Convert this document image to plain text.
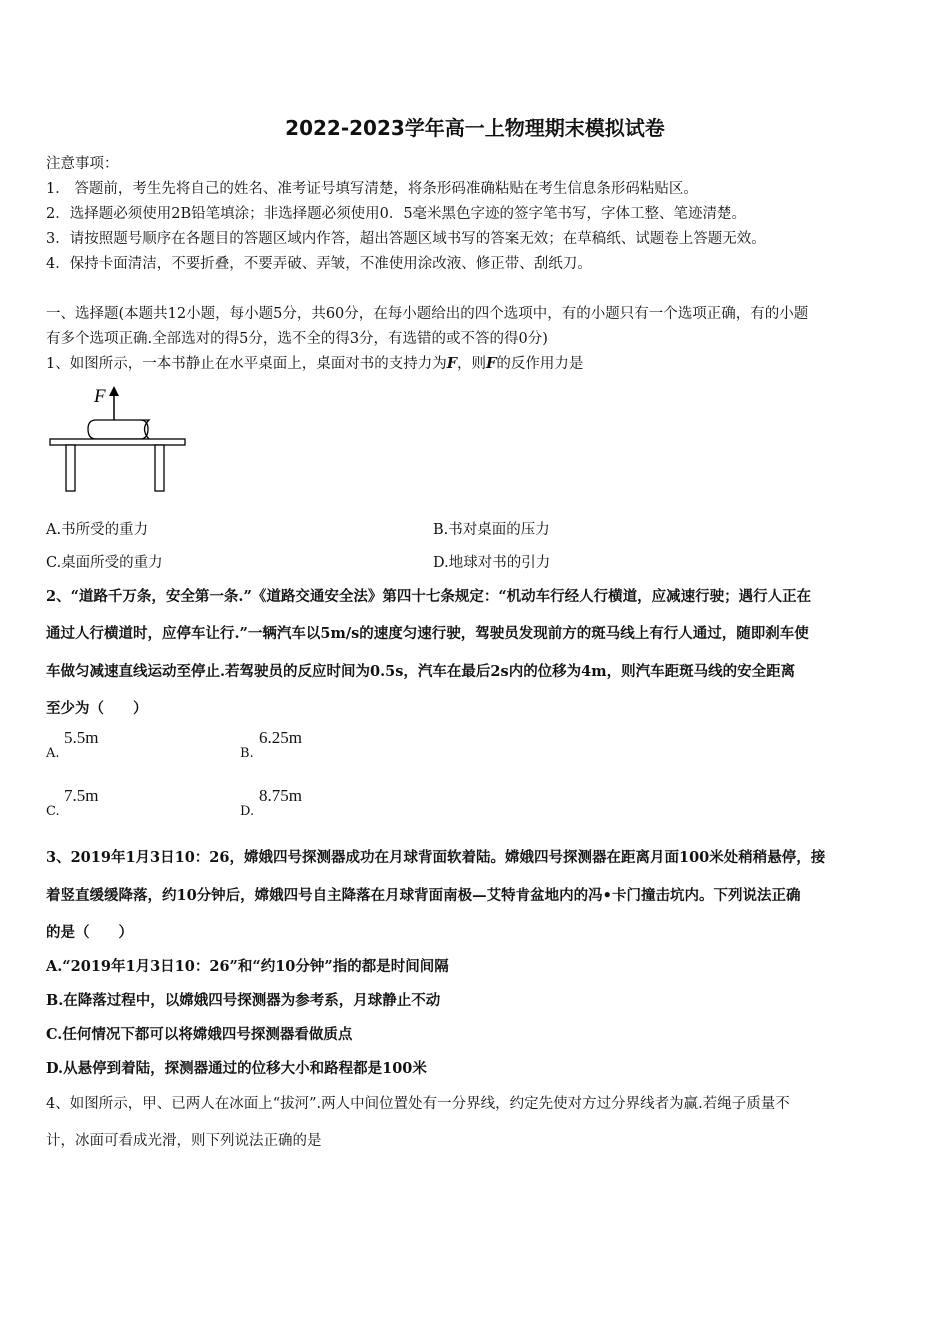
2022-2023学年高一上物理期末模拟试卷
注意事项：
1． 答题前，考生先将自己的姓名、准考证号填写清楚，将条形码准确粘贴在考生信息条形码粘贴区。
2．选择题必须使用2B铅笔填涂；非选择题必须使用0．5毫米黑色字迹的签字笔书写，字体工整、笔迹清楚。
3．请按照题号顺序在各题目的答题区域内作答，超出答题区域书写的答案无效；在草稿纸、试题卷上答题无效。
4．保持卡面清洁，不要折叠，不要弄破、弄皱，不准使用涂改液、修正带、刮纸刀。
一、选择题(本题共12小题，每小题5分，共60分，在每小题给出的四个选项中，有的小题只有一个选项正确，有的小题
有多个选项正确.全部选对的得5分，选不全的得3分，有选错的或不答的得0分)
1、如图所示，一本书静止在水平桌面上，桌面对书的支持力为F，则F的反作用力是
F
A.书所受的重力	B.书对桌面的压力
C.桌面所受的重力	D.地球对书的引力
2、“道路千万条，安全第一条.”《道路交通安全法》第四十七条规定：“机动车行经人行横道，应减速行驶；遇行人正在
通过人行横道时，应停车让行.”一辆汽车以5m/s的速度匀速行驶，驾驶员发现前方的斑马线上有行人通过，随即刹车使
车做匀减速直线运动至停止.若驾驶员的反应时间为0.5s，汽车在最后2s内的位移为4m，则汽车距斑马线的安全距离
至少为（　　）
A.
5.5m
B.
6.25m
C.
7.5m
D.
8.75m
3、2019年1月3日10：26，嫦娥四号探测器成功在月球背面软着陆。嫦娥四号探测器在距离月面100米处稍稍悬停，接
着竖直缓缓降落，约10分钟后，嫦娥四号自主降落在月球背面南极—艾特肯盆地内的冯•卡门撞击坑内。下列说法正确
的是（　　）
A.“2019年1月3日10：26”和“约10分钟”指的都是时间间隔
B.在降落过程中，以嫦娥四号探测器为参考系，月球静止不动
C.任何情况下都可以将嫦娥四号探测器看做质点
D.从悬停到着陆，探测器通过的位移大小和路程都是100米
4、如图所示，甲、已两人在冰面上“拔河”.两人中间位置处有一分界线，约定先使对方过分界线者为赢.若绳子质量不
计，冰面可看成光滑，则下列说法正确的是
